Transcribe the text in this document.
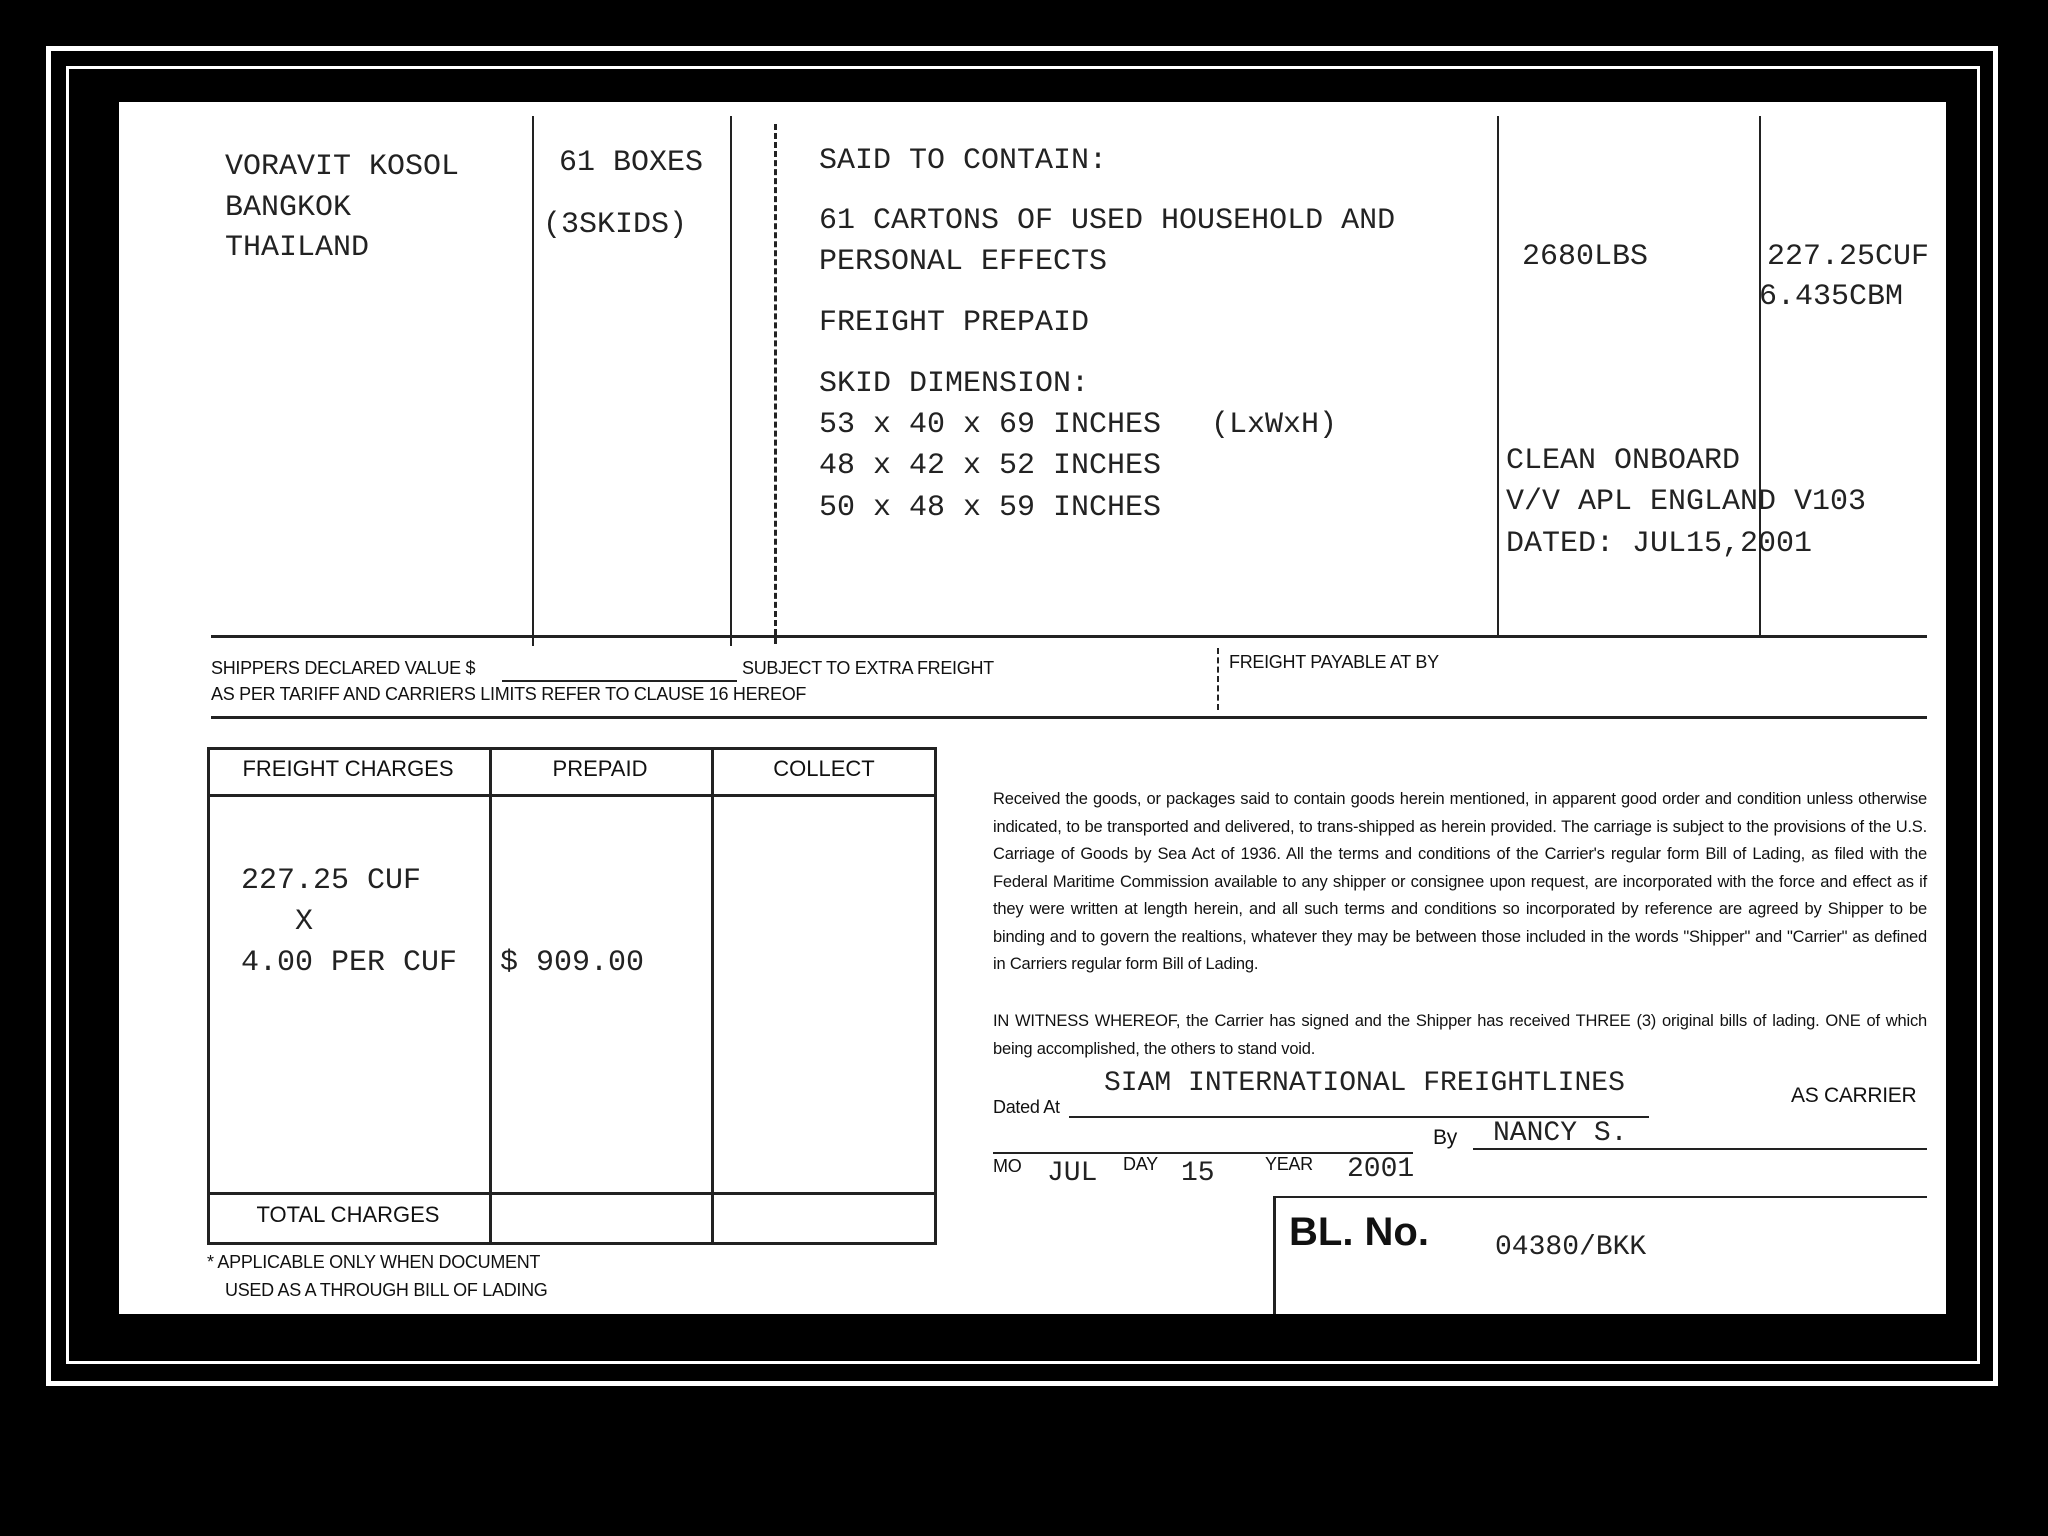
VORAVIT KOSOL
BANGKOK
THAILAND
61 BOXES
(3SKIDS)
SAID TO CONTAIN:
61 CARTONS OF USED HOUSEHOLD AND
PERSONAL EFFECTS
FREIGHT PREPAID
SKID DIMENSION:
53 x 40 x 69 INCHES (LxWxH)
48 x 42 x 52 INCHES
50 x 48 x 59 INCHES
2680LBS	227.25CUF
6.435CBM
CLEAN ONBOARD
V/V APL ENGLAND V103
DATED: JUL15,2001
SHIPPERS DECLARED VALUE $	SUBJECT TO EXTRA FREIGHT
AS PER TARIFF AND CARRIERS LIMITS REFER TO CLAUSE 16 HEREOF
FREIGHT PAYABLE AT BY
FREIGHT CHARGES	PREPAID	COLLECT
227.25 CUF
X
4.00 PER CUF $ 909.00
TOTAL CHARGES
* APPLICABLE ONLY WHEN DOCUMENT
USED AS A THROUGH BILL OF LADING
Received the goods, or packages said to contain goods herein mentioned, in apparent good order and condition unless otherwise indicated, to be transported and delivered, to trans-shipped as herein provided. The carriage is subject to the provisions of the U.S. Carriage of Goods by Sea Act of 1936. All the terms and conditions of the Carrier's regular form Bill of Lading, as filed with the Federal Maritime Commission available to any shipper or consignee upon request, are incorporated with the force and effect as if they were written at length herein, and all such terms and conditions so incorporated by reference are agreed by Shipper to be binding and to govern the realtions, whatever they may be between those included in the words "Shipper" and "Carrier" as defined in Carriers regular form Bill of Lading.
IN WITNESS WHEREOF, the Carrier has signed and the Shipper has received THREE (3) original bills of lading. ONE of which being accomplished, the others to stand void.
Dated At
SIAM INTERNATIONAL FREIGHTLINES	AS CARRIER
By NANCY S.
MO JUL DAY 15	YEAR 2001
BL. No. 04380/BKK
